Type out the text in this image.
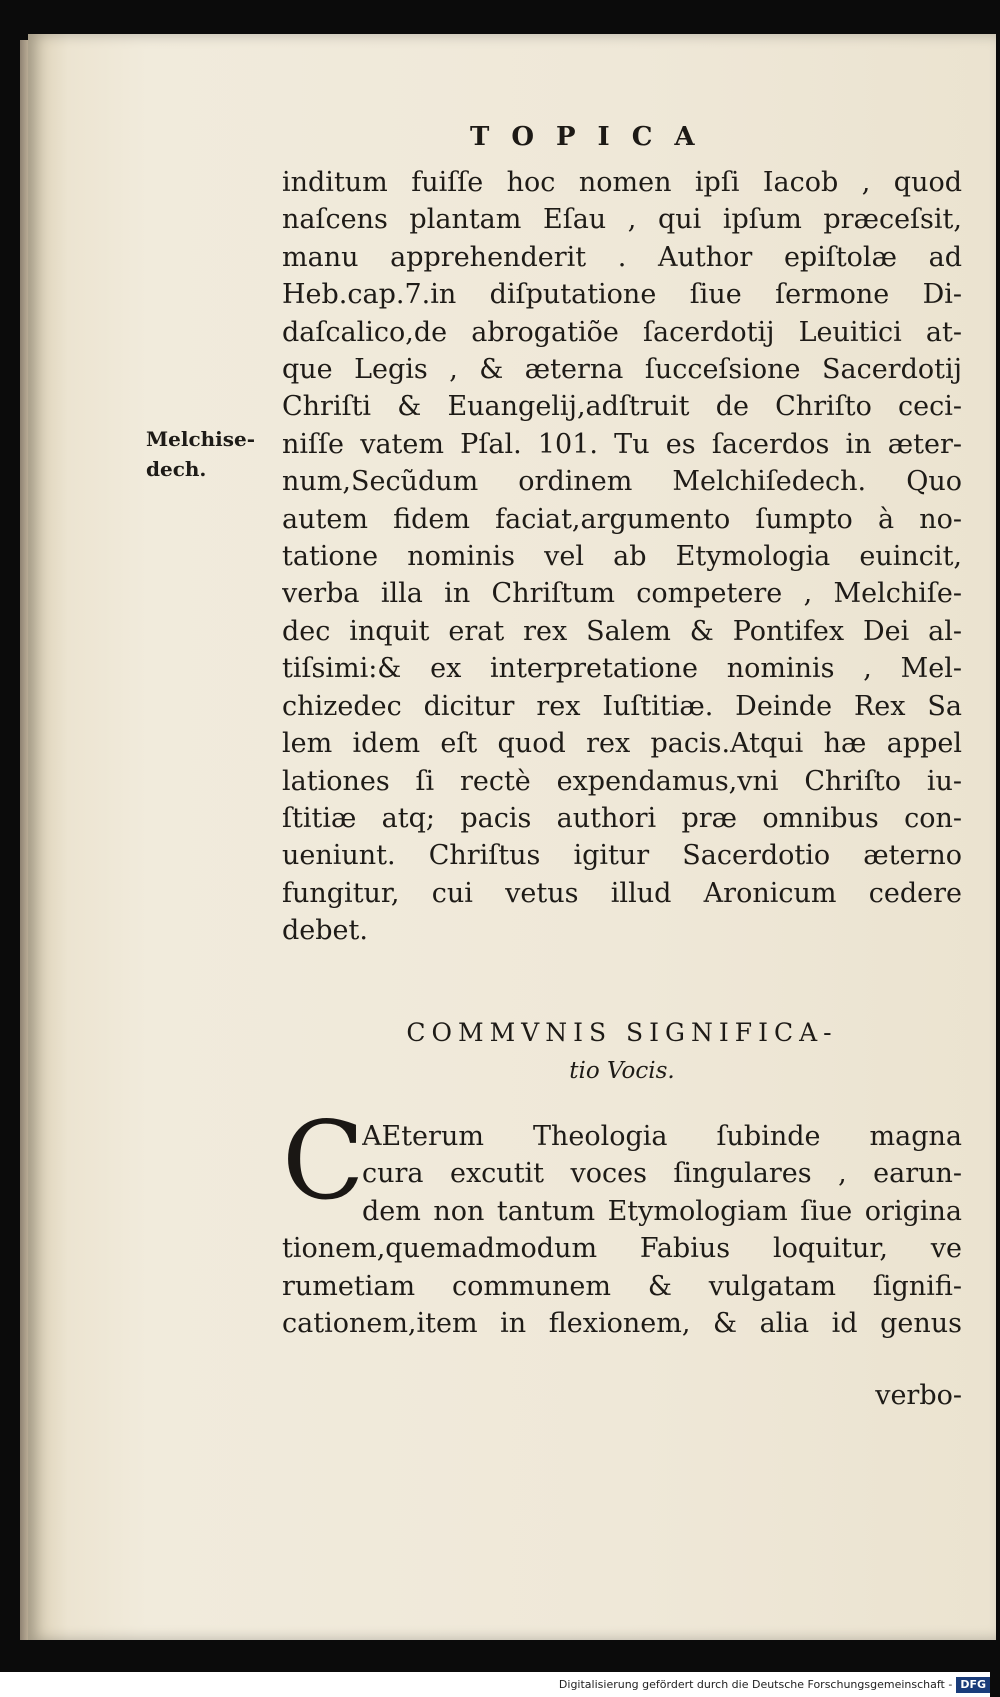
TOPICA
Melchise-
dech.
inditum fuiſſe hoc nomen ipſi Iacob , quod
naſcens plantam Eſau , qui ipſum præceſsit,
manu apprehenderit . Author epiſtolæ ad
Heb.cap.7.in diſputatione ſiue ſermone Di-
daſcalico,de abrogatiõe ſacerdotij Leuitici at-
que Legis , & æterna ſucceſsione Sacerdotij
Chriſti & Euangelij,adſtruit de Chriſto ceci-
niſſe vatem Pſal. 101. Tu es ſacerdos in æter-
num,Secũdum ordinem Melchiſedech. Quo
autem fidem faciat,argumento ſumpto à no-
tatione nominis vel ab Etymologia euincit,
verba illa in Chriſtum competere , Melchiſe-
dec inquit erat rex Salem & Pontifex Dei al-
tiſsimi:& ex interpretatione nominis , Mel-
chizedec dicitur rex Iuſtitiæ. Deinde Rex Sa
lem idem eſt quod rex pacis.Atqui hæ appel
lationes ſi rectè expendamus,vni Chriſto iu-
ſtitiæ atq; pacis authori præ omnibus con-
ueniunt. Chriſtus igitur Sacerdotio æterno
fungitur, cui vetus illud Aronicum cedere
debet.
COMMVNIS SIGNIFICA-
tio Vocis.
C
AEterum Theologia ſubinde magna
cura excutit voces ſingulares , earun-
dem non tantum Etymologiam ſiue origina
tionem,quemadmodum Fabius loquitur, ve
rumetiam communem & vulgatam ſignifi-
cationem,item in flexionem, & alia id genus
verbo-
Digitalisierung gefördert durch die Deutsche Forschungsgemeinschaft - DFG
